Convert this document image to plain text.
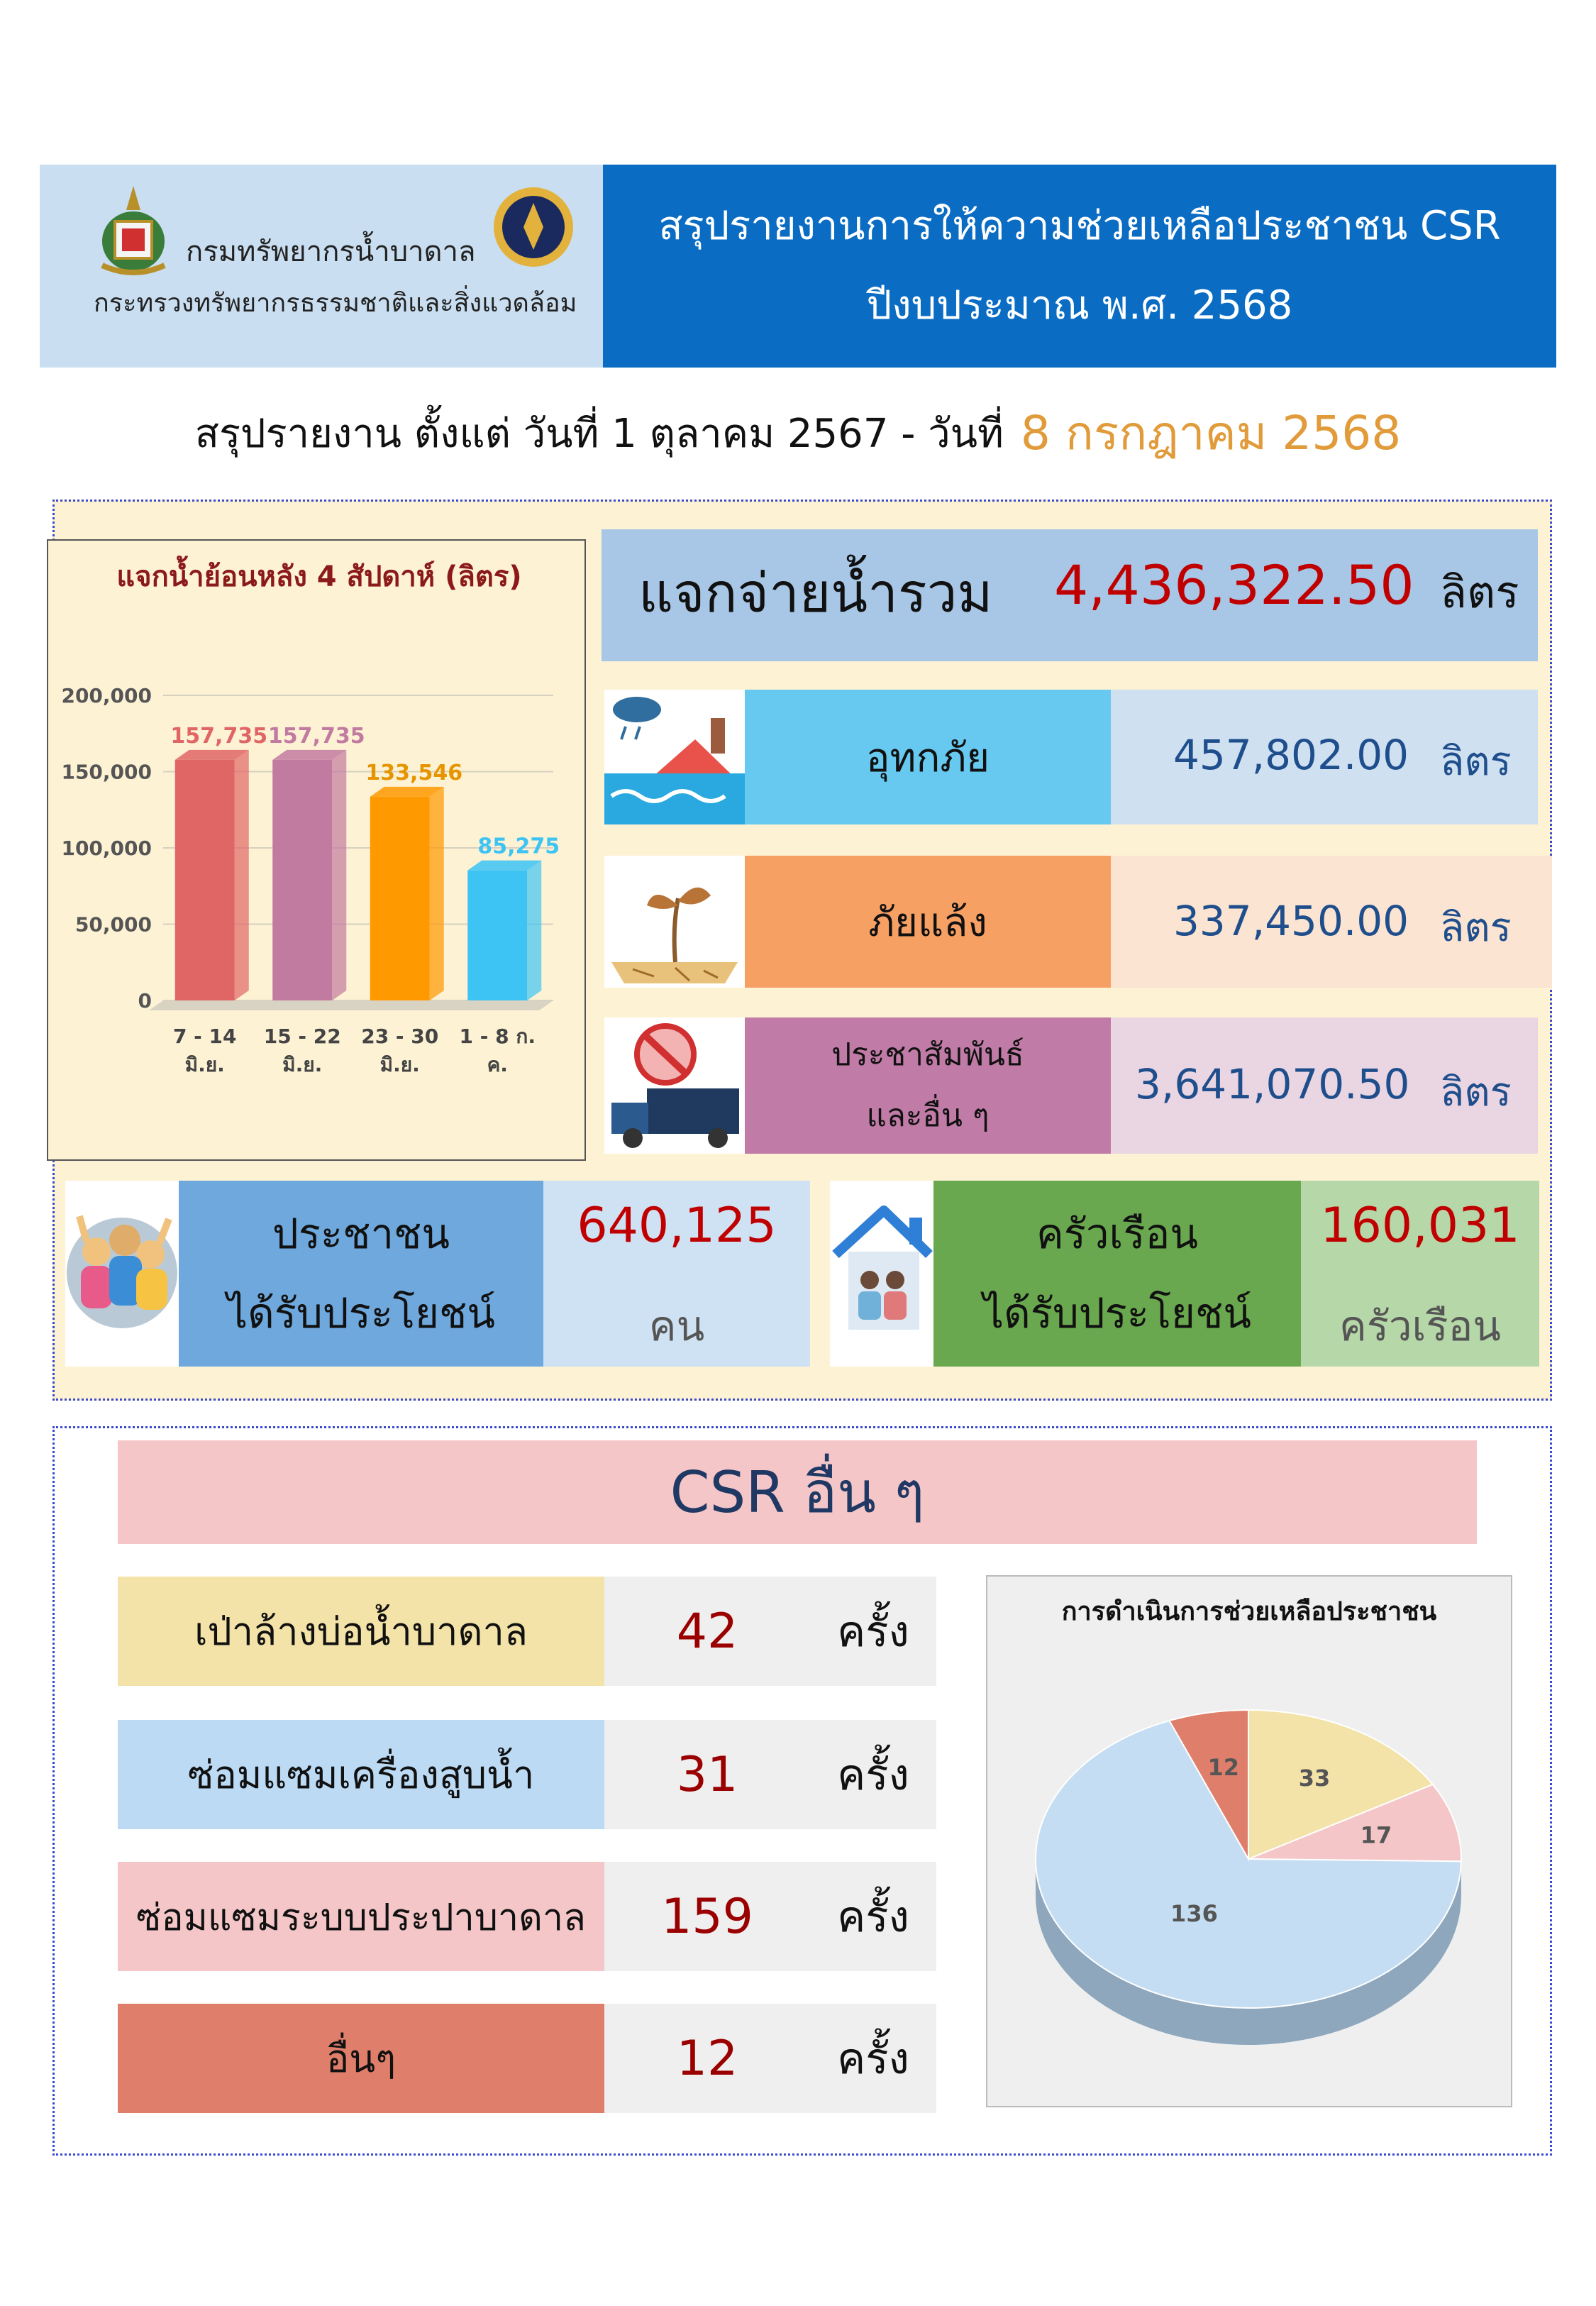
กรมทรัพยากรน้ำบาดาล
กระทรวงทรัพยากรธรรมชาติและสิ่งแวดล้อม
สรุปรายงานการให้ความช่วยเหลือประชาชน CSR
ปีงบประมาณ พ.ศ. 2568
สรุปรายงาน ตั้งแต่ วันที่ 1 ตุลาคม 2567 - วันที่ 8 กรกฎาคม 2568
แจกน้ำย้อนหลัง 4 สัปดาห์ (ลิตร)
0
50,000
100,000
150,000
200,000
157,735
7 - 14
มิ.ย.
157,735
15 - 22
มิ.ย.
133,546
23 - 30
มิ.ย.
85,275
1 - 8 ก.
ค.
แจกจ่ายน้ำรวม 4,436,322.50 ลิตร
อุทกภัย	457,802.00 ลิตร
ภัยแล้ง	337,450.00 ลิตร
ประชาสัมพันธ์
และอื่น ๆ
3,641,070.50 ลิตร
ประชาชน
ได้รับประโยชน์
640,125
คน
ครัวเรือน
ได้รับประโยชน์
160,031
ครัวเรือน
CSR อื่น ๆ
เป่าล้างบ่อน้ำบาดาล	42	ครั้ง
ซ่อมแซมเครื่องสูบน้ำ	31	ครั้ง
ซ่อมแซมระบบประปาบาดาล	159	ครั้ง
อื่นๆ	12	ครั้ง
การดำเนินการช่วยเหลือประชาชน
33
17
136
12
